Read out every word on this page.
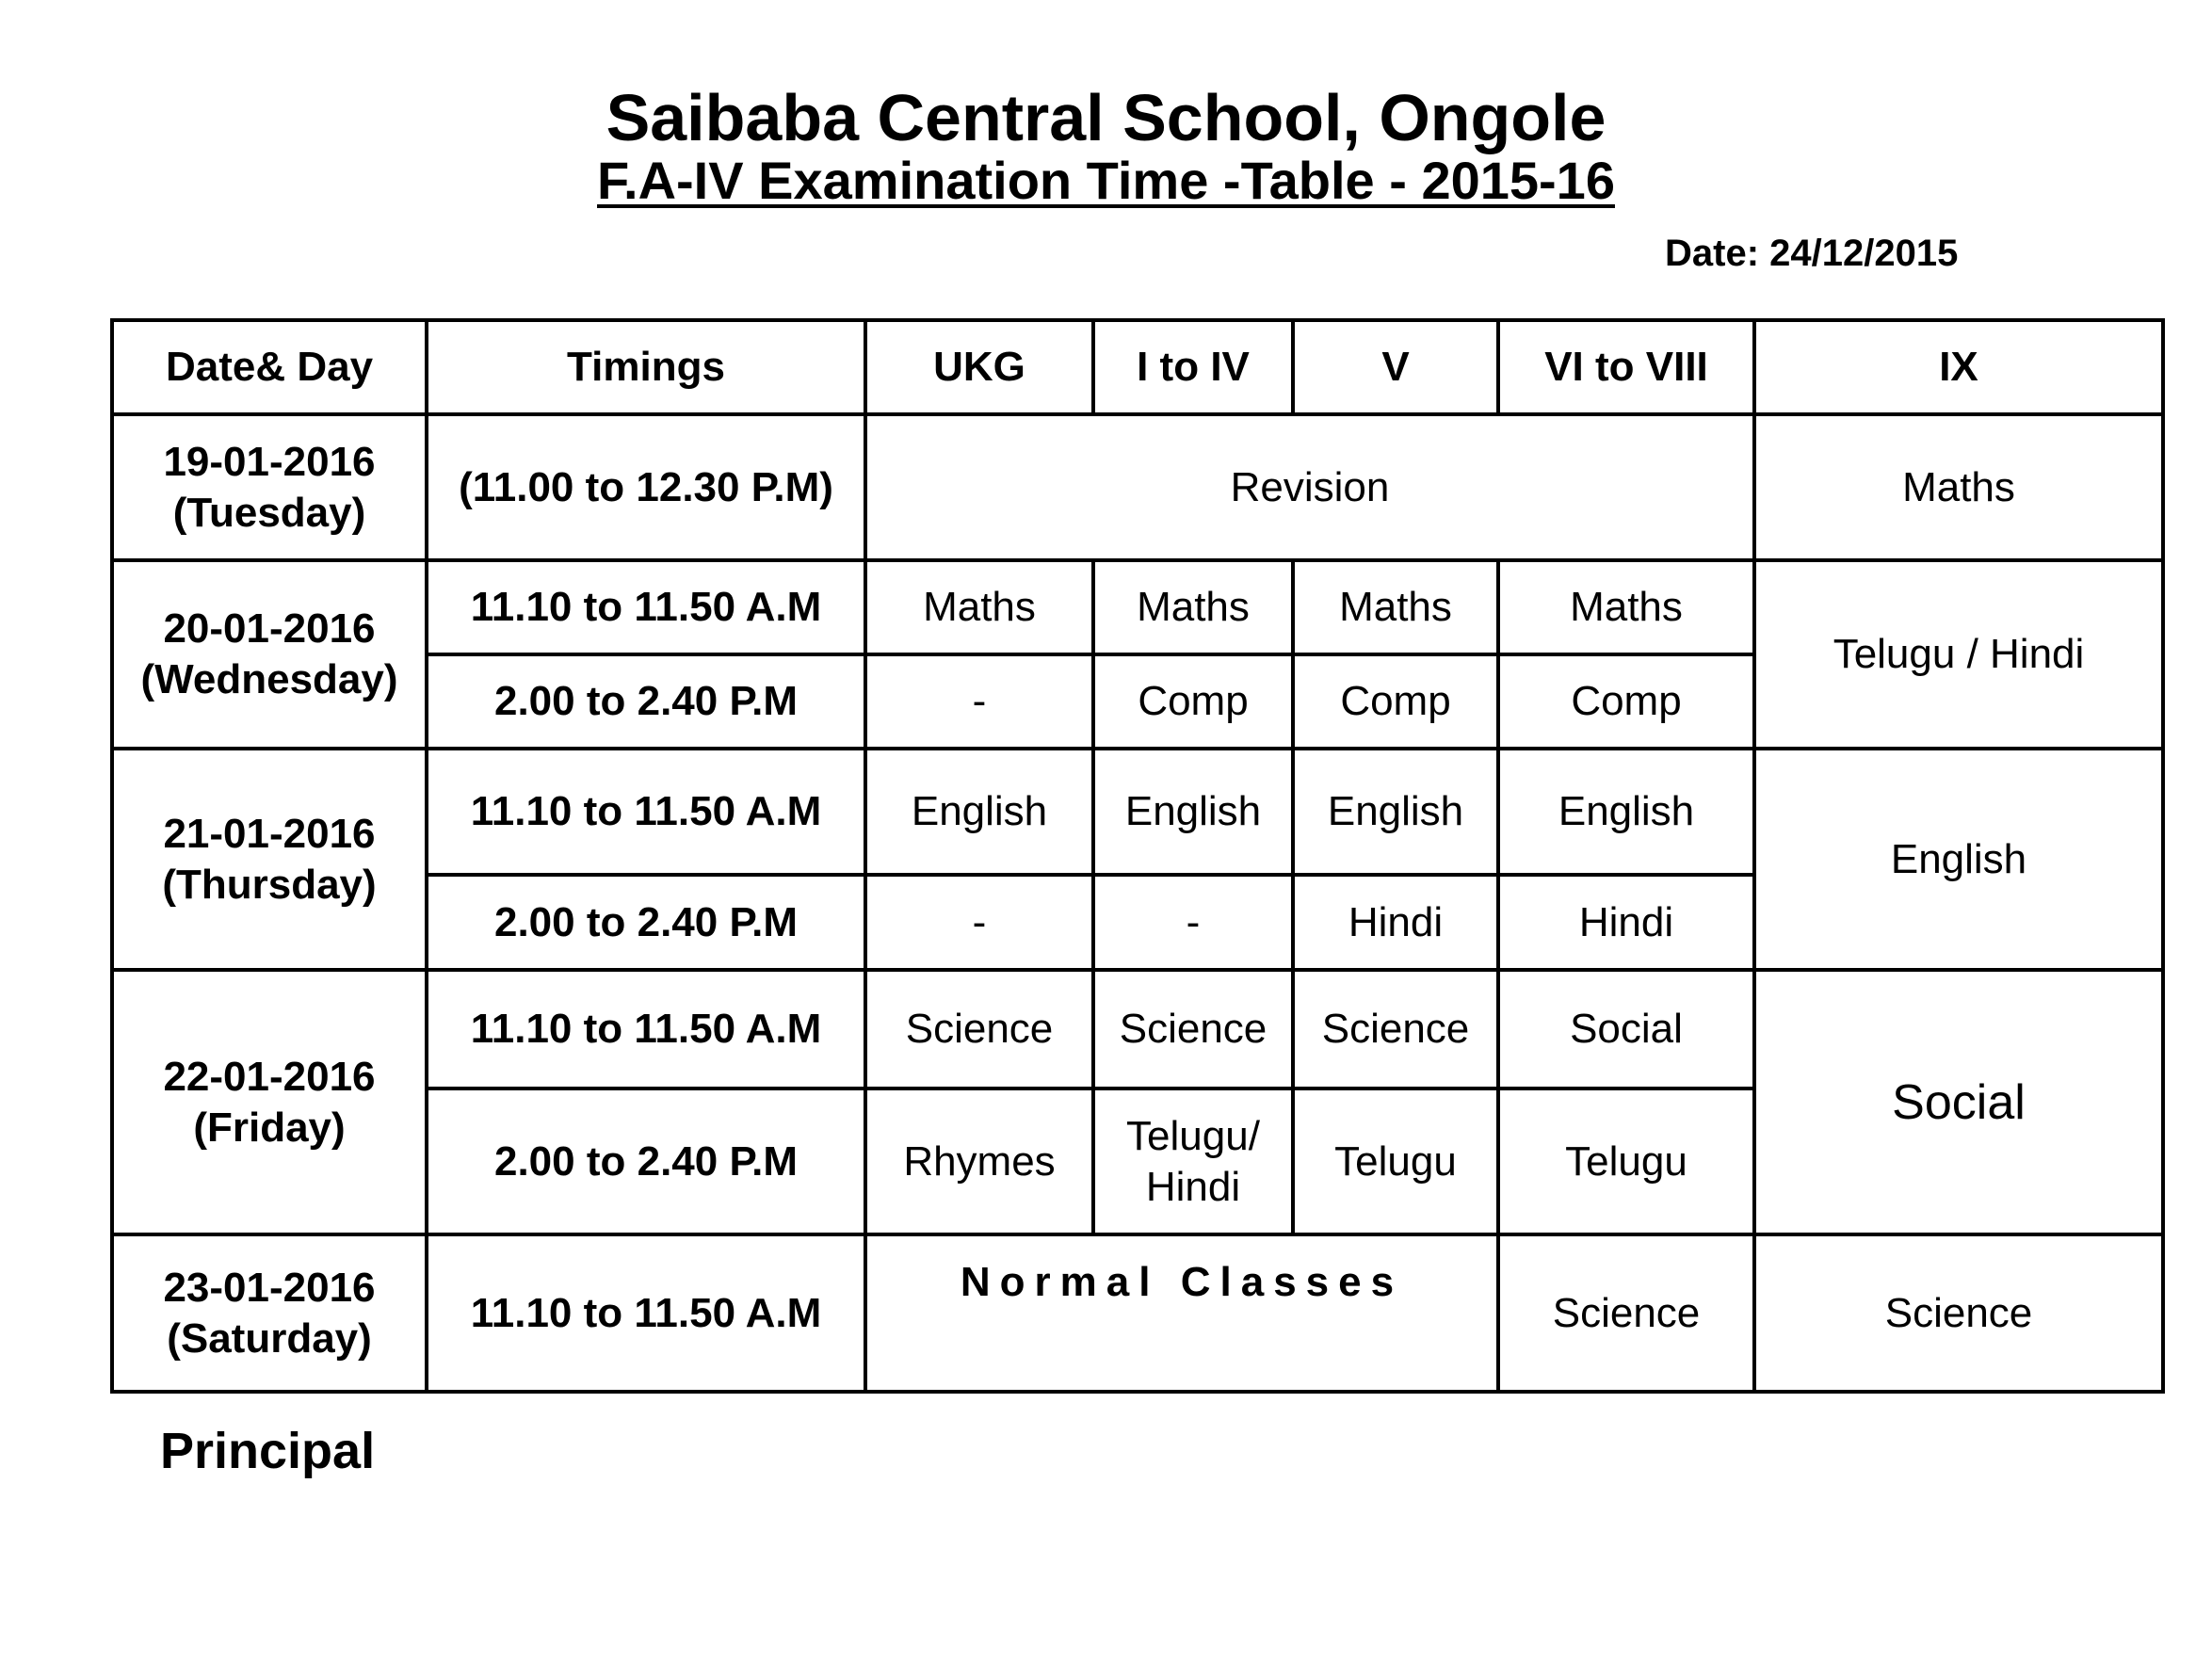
Saibaba Central School, Ongole
F.A-IV Examination Time -Table - 2015-16
Date: 24/12/2015
Date& Day	Timings	UKG	I to IV	V	VI to VIII	IX

19-01-2016
(Tuesday)	(11.00 to 12.30 P.M)	Revision				Maths

20-01-2016
(Wednesday)	11.10 to 11.50 A.M	Maths	Maths	Maths	Maths	Telugu / Hindi
	2.00 to 2.40 P.M	-	Comp	Comp	Comp	

21-01-2016
(Thursday)	11.10 to 11.50 A.M	English	English	English	English	English
	2.00 to 2.40 P.M	-	-	Hindi	Hindi	

22-01-2016
(Friday)	11.10 to 11.50 A.M	Science	Science	Science	Social	Social
	2.00 to 2.40 P.M	Rhymes	Telugu/
Hindi	Telugu	Telugu	

23-01-2016
(Saturday)	11.10 to 11.50 A.M	Normal Classes			Science	Science
Principal
